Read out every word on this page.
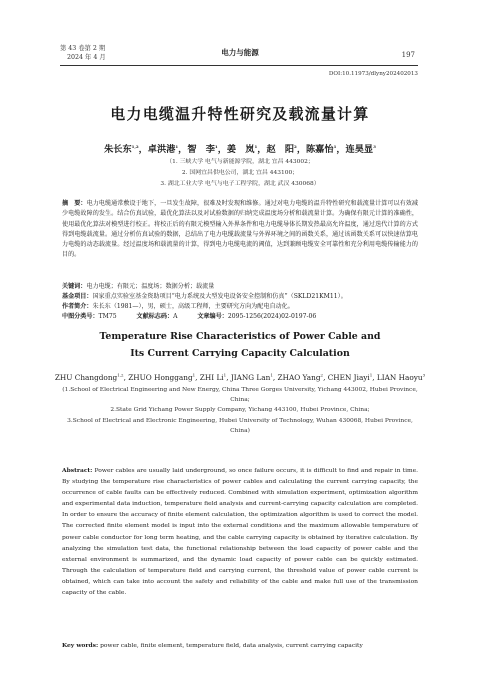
第 43 卷第 2 期
2024 年 4 月
电力与能源	197
DOI:10.11973/dlyny202402013
电力电缆温升特性研究及载流量计算
朱长东$^{1,2}$，卓洪港$^1$，智　李$^1$，姜　岚$^1$，赵　阳$^2$，陈嘉怡$^1$，连昊显$^3$
（1. 三峡大学 电气与新能源学院，湖北 宜昌 443002；
2. 国网宜昌供电公司，湖北 宜昌 443100；
3. 湖北工业大学 电气与电子工程学院，湖北 武汉 430068）
摘　要：电力电缆通常敷设于地下，一旦发生故障，很难及时发现和维修。通过对电力电缆的温升特性研究和载流量计算可以有效减少电缆故障的发生。结合仿真试验，最优化算法以及对试验数据的归纳完成温度场分析和载流量计算。为确保有限元计算的准确性，使用最优化算法对模型进行校正。将校正后的有限元模型输入外界条件和电力电缆导体长期发热最高允许温度，通过迭代计算的方式得到电缆载流量。通过分析仿真试验的数据，总结出了电力电缆载流量与外界环境之间的函数关系，通过该函数关系可以快速估算电力电缆的动态载流量。经过温度场和载流量的计算，得到电力电缆电流的阈值，达到兼顾电缆安全可靠性和充分利用电缆传输能力的目的。
关键词：电力电缆；有限元；温度场；数据分析；载流量
基金项目：国家重点实验室基金资助项目“电力系统及大型发电设备安全控制和仿真”（SKLD21KM11）。
作者简介：朱长东（1981—），男，硕士，高级工程师，主要研究方向为配电自动化。
中图分类号：TM75	文献标志码：A	文章编号：2095-1256(2024)02-0197-06
Temperature Rise Characteristics of Power Cable and
Its Current Carrying Capacity Calculation
ZHU Changdong$^{1,2}$, ZHUO Honggang$^1$, ZHI Li$^1$, JIANG Lan$^1$, ZHAO Yang$^2$, CHEN Jiayi$^1$, LIAN Haoyu$^3$
(1.School of Electrical Engineering and New Energy, China Three Gorges University, Yichang 443002, Hubei Province, China;
2.State Grid Yichang Power Supply Company, Yichang 443100, Hubei Province, China;
3.School of Electrical and Electronic Engineering, Hubei University of Technology, Wuhan 430068, Hubei Province, China)
Abstract: Power cables are usually laid underground, so once failure occurs, it is difficult to find and repair in time. By studying the temperature rise characteristics of power cables and calculating the current carrying capacity, the occurrence of cable faults can be effectively reduced. Combined with simulation experiment, optimization algorithm and experimental data induction, temperature field analysis and current-carrying capacity calculation are completed. In order to ensure the accuracy of finite element calculation, the optimization algorithm is used to correct the model. The corrected finite element model is input into the external conditions and the maximum allowable temperature of power cable conductor for long term heating, and the cable carrying capacity is obtained by iterative calculation. By analyzing the simulation test data, the functional relationship between the load capacity of power cable and the external environment is summarized, and the dynamic load capacity of power cable can be quickly estimated. Through the calculation of temperature field and carrying current, the threshold value of power cable current is obtained, which can take into account the safety and reliability of the cable and make full use of the transmission capacity of the cable.
Key words: power cable, finite element, temperature field, data analysis, current carrying capacity
